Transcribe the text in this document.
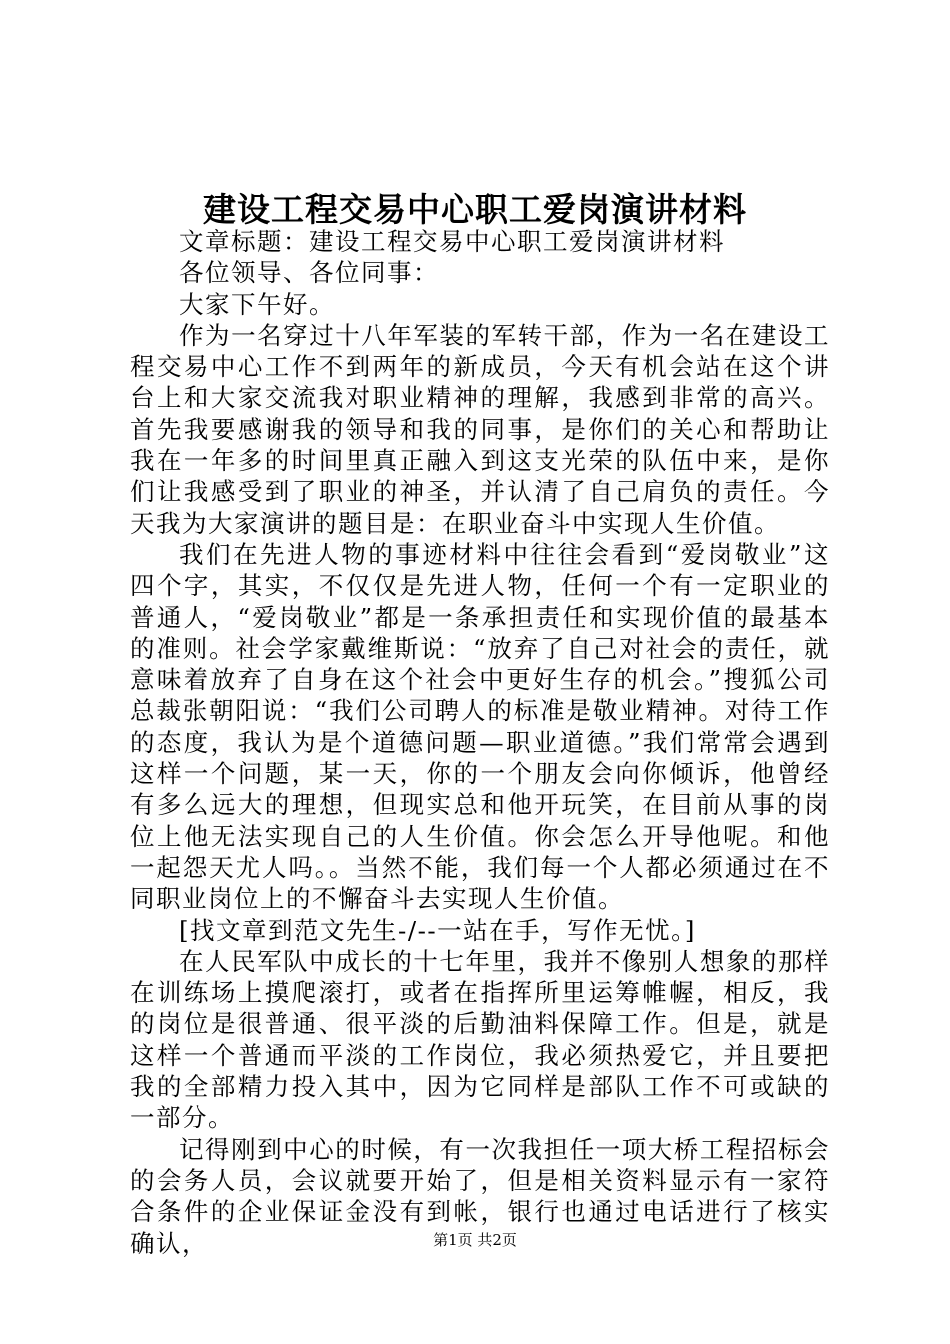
建设工程交易中心职工爱岗演讲材料

文章标题：建设工程交易中心职工爱岗演讲材料

各位领导、各位同事：

大家下午好。

作为一名穿过十八年军装的军转干部，作为一名在建设工程交易中心工作不到两年的新成员，今天有机会站在这个讲台上和大家交流我对职业精神的理解，我感到非常的高兴。首先我要感谢我的领导和我的同事，是你们的关心和帮助让我在一年多的时间里真正融入到这支光荣的队伍中来，是你们让我感受到了职业的神圣，并认清了自己肩负的责任。今天我为大家演讲的题目是：在职业奋斗中实现人生价值。

我们在先进人物的事迹材料中往往会看到“爱岗敬业”这四个字，其实，不仅仅是先进人物，任何一个有一定职业的普通人，“爱岗敬业”都是一条承担责任和实现价值的最基本的准则。社会学家戴维斯说：“放弃了自己对社会的责任，就意味着放弃了自身在这个社会中更好生存的机会。”搜狐公司总裁张朝阳说：“我们公司聘人的标准是敬业精神。对待工作的态度，我认为是个道德问题—职业道德。”我们常常会遇到这样一个问题，某一天，你的一个朋友会向你倾诉，他曾经有多么远大的理想，但现实总和他开玩笑，在目前从事的岗位上他无法实现自己的人生价值。你会怎么开导他呢。和他一起怨天尤人吗。。当然不能，我们每一个人都必须通过在不同职业岗位上的不懈奋斗去实现人生价值。

[找文章到范文先生-/--一站在手，写作无忧。]

在人民军队中成长的十七年里，我并不像别人想象的那样在训练场上摸爬滚打，或者在指挥所里运筹帷幄，相反，我的岗位是很普通、很平淡的后勤油料保障工作。但是，就是这样一个普通而平淡的工作岗位，我必须热爱它，并且要把我的全部精力投入其中，因为它同样是部队工作不可或缺的一部分。

记得刚到中心的时候，有一次我担任一项大桥工程招标会的会务人员，会议就要开始了，但是相关资料显示有一家符合条件的企业保证金没有到帐，银行也通过电话进行了核实确认，	第1页 共2页
